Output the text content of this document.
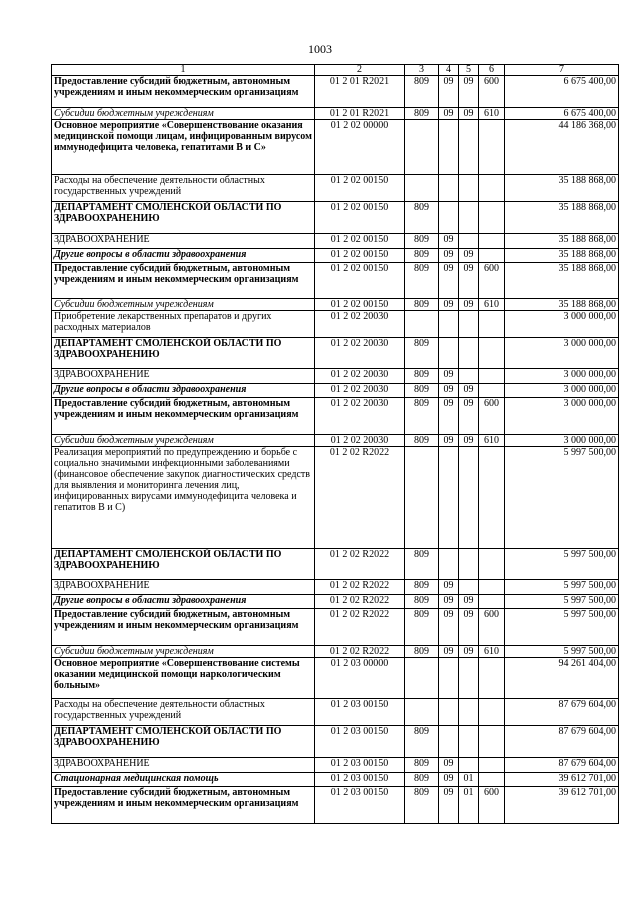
1003
1	2	3	4	5	6	7
Предоставление субсидий бюджетным, автономным учреждениям и иным некоммерческим организациям	01 2 01 R2021	809	09	09	600	6 675 400,00
Субсидии бюджетным учреждениям	01 2 01 R2021	809	09	09	610	6 675 400,00
Основное мероприятие «Совершенствование оказания медицинской помощи лицам, инфицированным вирусом иммунодефицита человека, гепатитами В и С»	01 2 02 00000					44 186 368,00
Расходы на обеспечение деятельности областных государственных учреждений	01 2 02 00150					35 188 868,00
ДЕПАРТАМЕНТ СМОЛЕНСКОЙ ОБЛАСТИ ПО ЗДРАВООХРАНЕНИЮ	01 2 02 00150	809				35 188 868,00
ЗДРАВООХРАНЕНИЕ	01 2 02 00150	809	09			35 188 868,00
Другие вопросы в области здравоохранения	01 2 02 00150	809	09	09		35 188 868,00
Предоставление субсидий бюджетным, автономным учреждениям и иным некоммерческим организациям	01 2 02 00150	809	09	09	600	35 188 868,00
Субсидии бюджетным учреждениям	01 2 02 00150	809	09	09	610	35 188 868,00
Приобретение лекарственных препаратов и других расходных материалов	01 2 02 20030					3 000 000,00
ДЕПАРТАМЕНТ СМОЛЕНСКОЙ ОБЛАСТИ ПО ЗДРАВООХРАНЕНИЮ	01 2 02 20030	809				3 000 000,00
ЗДРАВООХРАНЕНИЕ	01 2 02 20030	809	09			3 000 000,00
Другие вопросы в области здравоохранения	01 2 02 20030	809	09	09		3 000 000,00
Предоставление субсидий бюджетным, автономным учреждениям и иным некоммерческим организациям	01 2 02 20030	809	09	09	600	3 000 000,00
Субсидии бюджетным учреждениям	01 2 02 20030	809	09	09	610	3 000 000,00
Реализация мероприятий по предупреждению и борьбе с социально значимыми инфекционными заболеваниями (финансовое обеспечение закупок диагностических средств для выявления и мониторинга лечения лиц, инфицированных вирусами иммунодефицита человека и гепатитов В и С)	01 2 02 R2022					5 997 500,00
ДЕПАРТАМЕНТ СМОЛЕНСКОЙ ОБЛАСТИ ПО ЗДРАВООХРАНЕНИЮ	01 2 02 R2022	809				5 997 500,00
ЗДРАВООХРАНЕНИЕ	01 2 02 R2022	809	09			5 997 500,00
Другие вопросы в области здравоохранения	01 2 02 R2022	809	09	09		5 997 500,00
Предоставление субсидий бюджетным, автономным учреждениям и иным некоммерческим организациям	01 2 02 R2022	809	09	09	600	5 997 500,00
Субсидии бюджетным учреждениям	01 2 02 R2022	809	09	09	610	5 997 500,00
Основное мероприятие «Совершенствование системы оказании медицинской помощи наркологическим больным»	01 2 03 00000					94 261 404,00
Расходы на обеспечение деятельности областных государственных учреждений	01 2 03 00150					87 679 604,00
ДЕПАРТАМЕНТ СМОЛЕНСКОЙ ОБЛАСТИ ПО ЗДРАВООХРАНЕНИЮ	01 2 03 00150	809				87 679 604,00
ЗДРАВООХРАНЕНИЕ	01 2 03 00150	809	09			87 679 604,00
Стационарная медицинская помощь	01 2 03 00150	809	09	01		39 612 701,00
Предоставление субсидий бюджетным, автономным учреждениям и иным некоммерческим организациям	01 2 03 00150	809	09	01	600	39 612 701,00
